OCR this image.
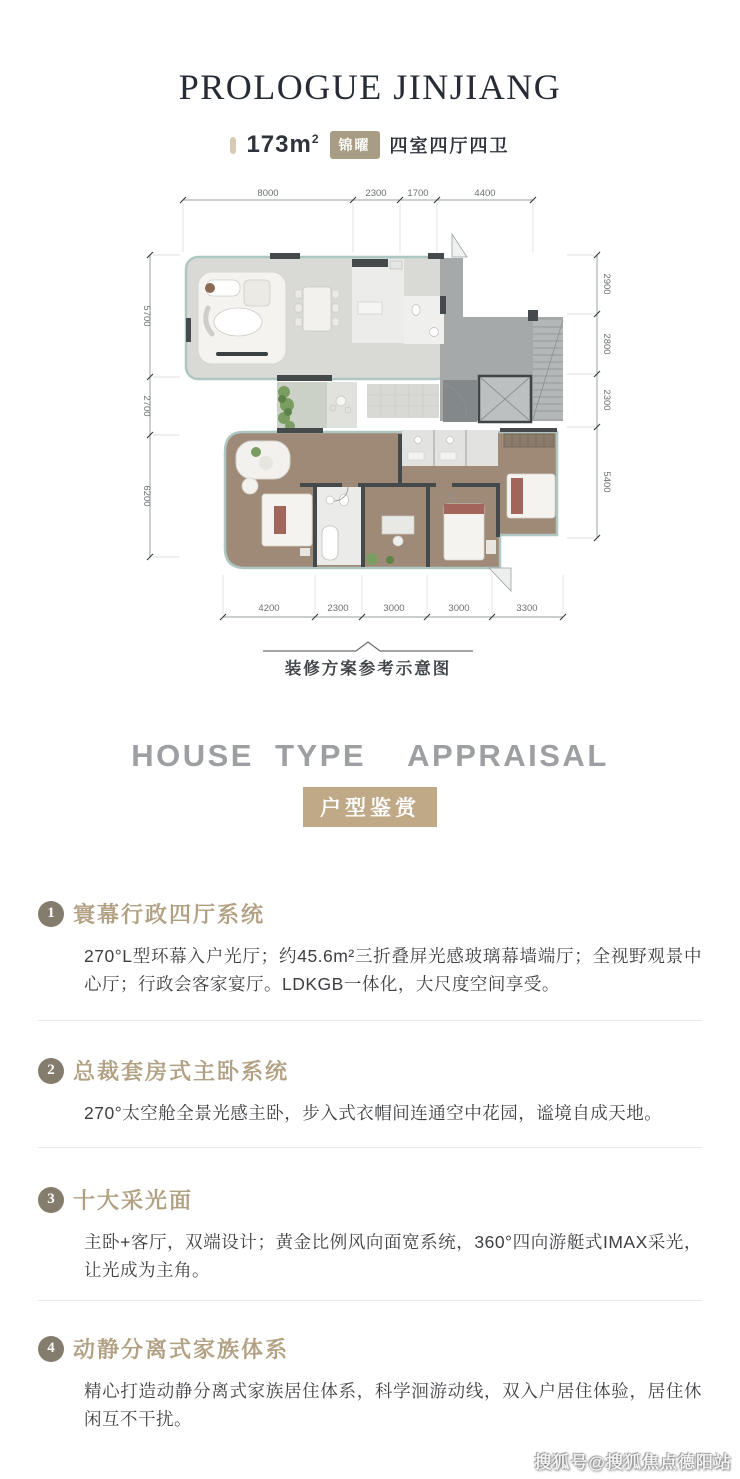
PROLOGUE JINJIANG
$173m^2$	锦曜	四室四厅四卫
8000	2300 1700	4400
5700
2700
6200
2900
2800
2300
5400
4200	2300	3000	3000	3300
装修方案参考示意图
HOUSE TYPE  APPRAISAL
户型鉴赏
1 寰幕行政四厅系统
270°L型环幕入户光厅；约45.6m²三折叠屏光感玻璃幕墙端厅；全视野观景中心厅；行政会客家宴厅。LDKGB一体化，大尺度空间享受。
2 总裁套房式主卧系统
270°太空舱全景光感主卧，步入式衣帽间连通空中花园，谧境自成天地。
3 十大采光面
主卧+客厅，双端设计；黄金比例风向面宽系统，360°四向游艇式IMAX采光，让光成为主角。
4 动静分离式家族体系
精心打造动静分离式家族居住体系，科学洄游动线，双入户居住体验，居住休闲互不干扰。
搜狐号@搜狐焦点德阳站
